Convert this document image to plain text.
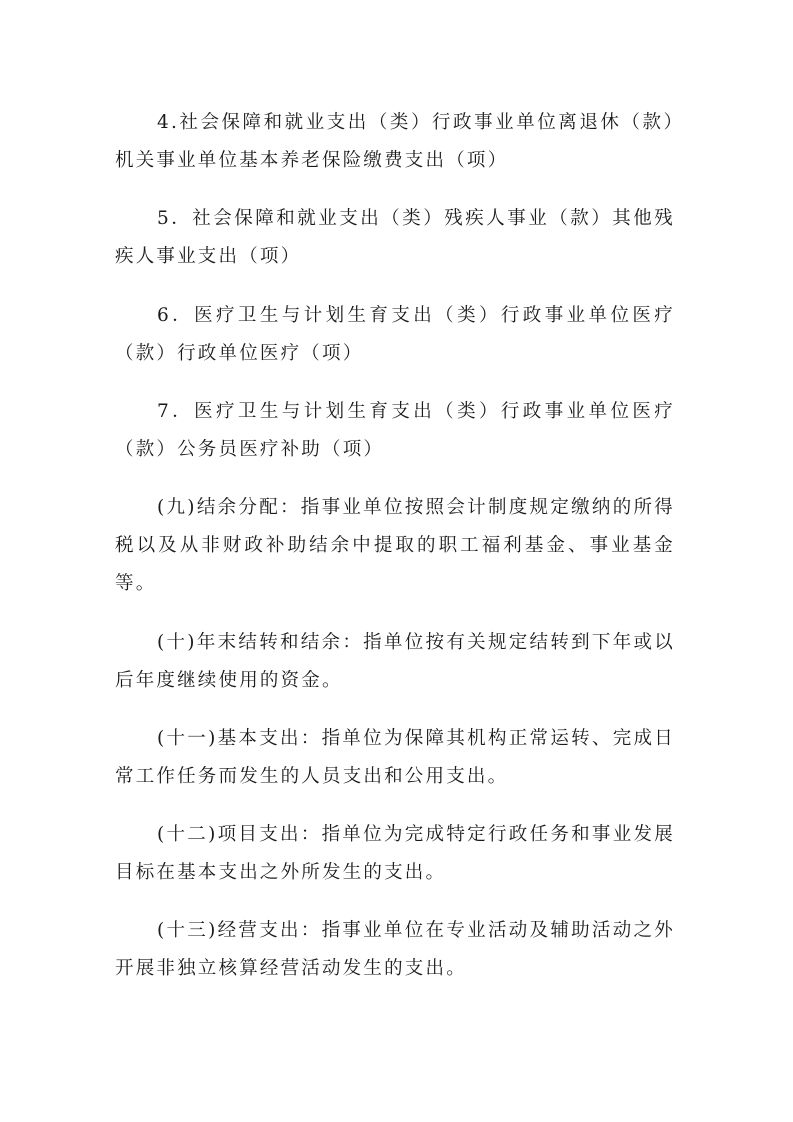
4.社会保障和就业支出（类）行政事业单位离退休（款）机关事业单位基本养老保险缴费支出（项）

5．社会保障和就业支出（类）残疾人事业（款）其他残疾人事业支出（项）

6．医疗卫生与计划生育支出（类）行政事业单位医疗（款）行政单位医疗（项）

7．医疗卫生与计划生育支出（类）行政事业单位医疗（款）公务员医疗补助（项）

(九)结余分配：指事业单位按照会计制度规定缴纳的所得税以及从非财政补助结余中提取的职工福利基金、事业基金等。

(十)年末结转和结余：指单位按有关规定结转到下年或以后年度继续使用的资金。

(十一)基本支出：指单位为保障其机构正常运转、完成日常工作任务而发生的人员支出和公用支出。

(十二)项目支出：指单位为完成特定行政任务和事业发展目标在基本支出之外所发生的支出。

(十三)经营支出：指事业单位在专业活动及辅助活动之外开展非独立核算经营活动发生的支出。
